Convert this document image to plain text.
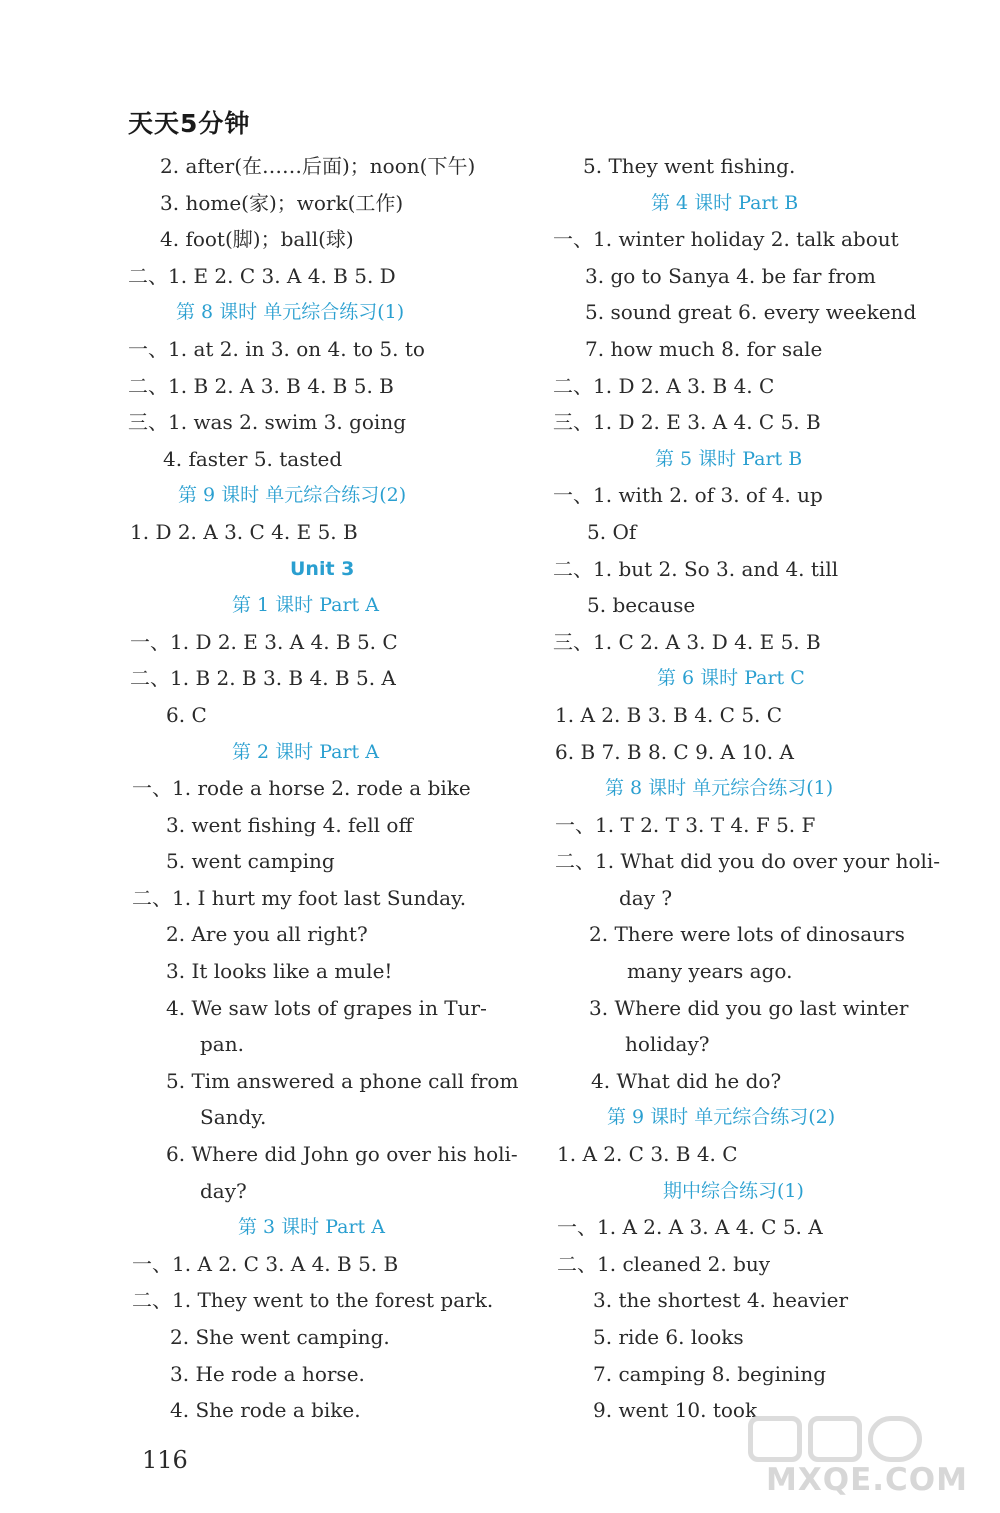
天天5分钟
2. after(在……后面)；noon(下午)
3. home(家)；work(工作)
4. foot(脚)；ball(球)
二、1. E 2. C 3. A 4. B 5. D
第 8 课时 单元综合练习(1)
一、1. at 2. in 3. on 4. to 5. to
二、1. B 2. A 3. B 4. B 5. B
三、1. was 2. swim 3. going
4. faster 5. tasted
第 9 课时 单元综合练习(2)
1. D 2. A 3. C 4. E 5. B
Unit 3
第 1 课时 Part A
一、1. D 2. E 3. A 4. B 5. C
二、1. B 2. B 3. B 4. B 5. A
6. C
第 2 课时 Part A
一、1. rode a horse 2. rode a bike
3. went fishing 4. fell off
5. went camping
二、1. I hurt my foot last Sunday.
2. Are you all right?
3. It looks like a mule!
4. We saw lots of grapes in Tur-
pan.
5. Tim answered a phone call from
Sandy.
6. Where did John go over his holi-
day?
第 3 课时 Part A
一、1. A 2. C 3. A 4. B 5. B
二、1. They went to the forest park.
2. She went camping.
3. He rode a horse.
4. She rode a bike.
5. They went fishing.
第 4 课时 Part B
一、1. winter holiday 2. talk about
3. go to Sanya 4. be far from
5. sound great 6. every weekend
7. how much 8. for sale
二、1. D 2. A 3. B 4. C
三、1. D 2. E 3. A 4. C 5. B
第 5 课时 Part B
一、1. with 2. of 3. of 4. up
5. Of
二、1. but 2. So 3. and 4. till
5. because
三、1. C 2. A 3. D 4. E 5. B
第 6 课时 Part C
1. A 2. B 3. B 4. C 5. C
6. B 7. B 8. C 9. A 10. A
第 8 课时 单元综合练习(1)
一、1. T 2. T 3. T 4. F 5. F
二、1. What did you do over your holi-
day ?
2. There were lots of dinosaurs
many years ago.
3. Where did you go last winter
holiday?
4. What did he do?
第 9 课时 单元综合练习(2)
1. A 2. C 3. B 4. C
期中综合练习(1)
一、1. A 2. A 3. A 4. C 5. A
二、1. cleaned 2. buy
3. the shortest 4. heavier
5. ride 6. looks
7. camping 8. begining
9. went 10. took
116
MXQE.COM
